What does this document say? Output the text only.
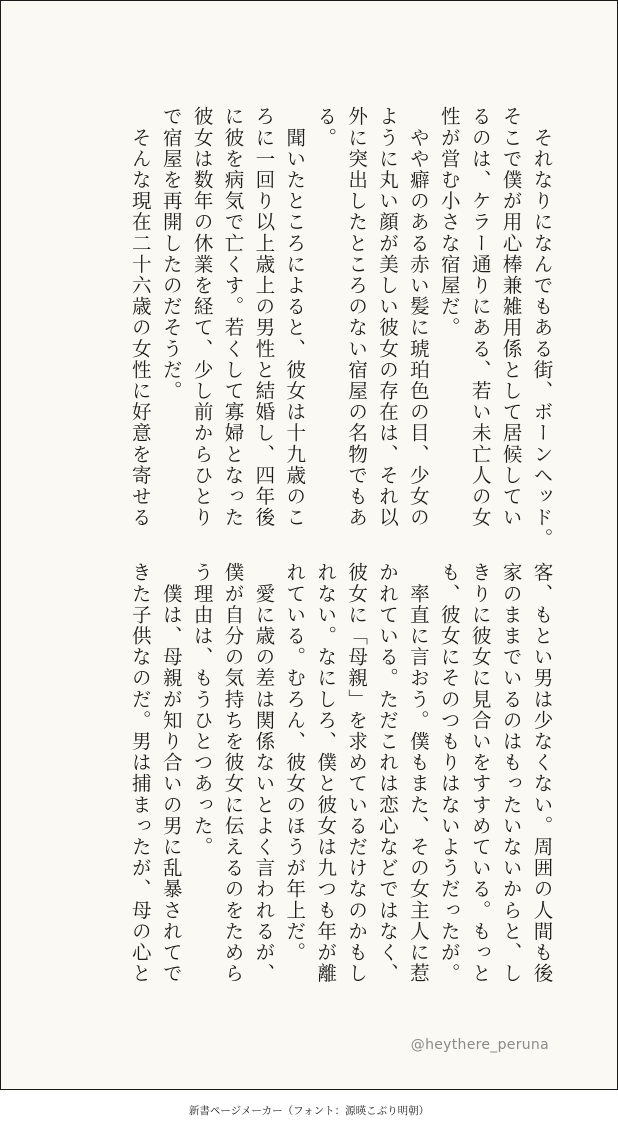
　それなりになんでもある街、ボーンヘッド。
そこで僕が用心棒兼雑用係として居候してい
るのは、ケラー通りにある、若い未亡人の女
性が営む小さな宿屋だ。
　やや癖のある赤い髪に琥珀色の目、少女の
ように丸い顔が美しい彼女の存在は、それ以
外に突出したところのない宿屋の名物でもあ
る。
　聞いたところによると、彼女は十九歳のこ
ろに一回り以上歳上の男性と結婚し、四年後
に彼を病気で亡くす。若くして寡婦となった
彼女は数年の休業を経て、少し前からひとり
で宿屋を再開したのだそうだ。
　そんな現在二十六歳の女性に好意を寄せる
客、もとい男は少なくない。周囲の人間も後
家のままでいるのはもったいないからと、し
きりに彼女に見合いをすすめている。もっと
も、彼女にそのつもりはないようだったが。
　率直に言おう。僕もまた、その女主人に惹
かれている。ただこれは恋心などではなく、
彼女に「母親」を求めているだけなのかもし
れない。なにしろ、僕と彼女は九つも年が離
れている。むろん、彼女のほうが年上だ。
　愛に歳の差は関係ないとよく言われるが、
僕が自分の気持ちを彼女に伝えるのをためら
う理由は、もうひとつあった。
　僕は、母親が知り合いの男に乱暴されてで
きた子供なのだ。男は捕まったが、母の心と
@heythere_peruna
新書ページメーカー（フォント：源暎こぶり明朝）
